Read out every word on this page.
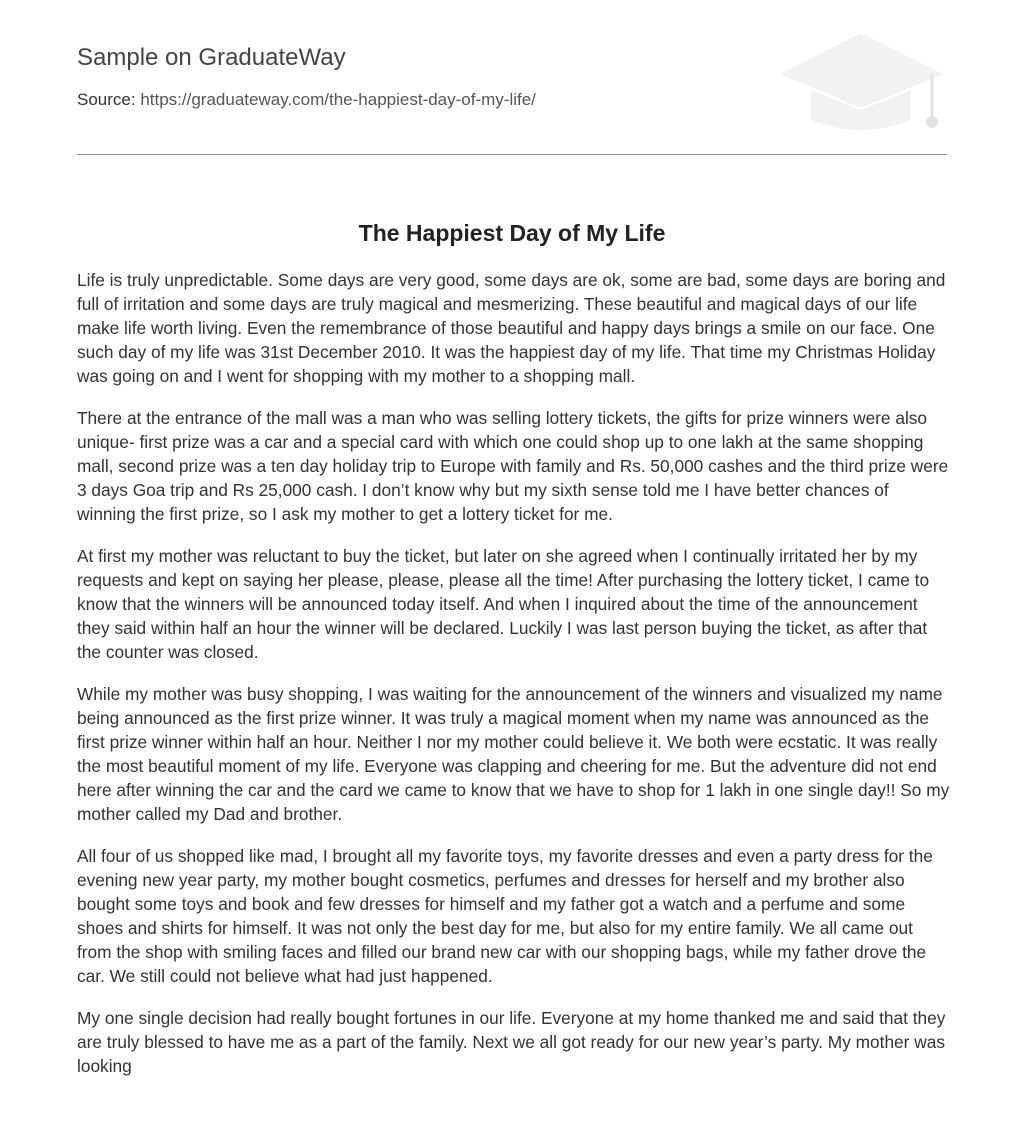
Sample on GraduateWay
Source: https://graduateway.com/the-happiest-day-of-my-life/
The Happiest Day of My Life

Life is truly unpredictable. Some days are very good, some days are ok, some are bad, some days are boring and full of irritation and some days are truly magical and mesmerizing. These beautiful and magical days of our life make life worth living. Even the remembrance of those beautiful and happy days brings a smile on our face. One such day of my life was 31st December 2010. It was the happiest day of my life. That time my Christmas Holiday was going on and I went for shopping with my mother to a shopping mall.

There at the entrance of the mall was a man who was selling lottery tickets, the gifts for prize winners were also unique- first prize was a car and a special card with which one could shop up to one lakh at the same shopping mall, second prize was a ten day holiday trip to Europe with family and Rs. 50,000 cashes and the third prize were 3 days Goa trip and Rs 25,000 cash. I don’t know why but my sixth sense told me I have better chances of winning the first prize, so I ask my mother to get a lottery ticket for me.

At first my mother was reluctant to buy the ticket, but later on she agreed when I continually irritated her by my requests and kept on saying her please, please, please all the time! After purchasing the lottery ticket, I came to know that the winners will be announced today itself. And when I inquired about the time of the announcement they said within half an hour the winner will be declared. Luckily I was last person buying the ticket, as after that the counter was closed.

While my mother was busy shopping, I was waiting for the announcement of the winners and visualized my name being announced as the first prize winner. It was truly a magical moment when my name was announced as the first prize winner within half an hour. Neither I nor my mother could believe it. We both were ecstatic. It was really the most beautiful moment of my life. Everyone was clapping and cheering for me. But the adventure did not end here after winning the car and the card we came to know that we have to shop for 1 lakh in one single day!! So my mother called my Dad and brother.

All four of us shopped like mad, I brought all my favorite toys, my favorite dresses and even a party dress for the evening new year party, my mother bought cosmetics, perfumes and dresses for herself and my brother also bought some toys and book and few dresses for himself and my father got a watch and a perfume and some shoes and shirts for himself. It was not only the best day for me, but also for my entire family. We all came out from the shop with smiling faces and filled our brand new car with our shopping bags, while my father drove the car. We still could not believe what had just happened.

My one single decision had really bought fortunes in our life. Everyone at my home thanked me and said that they are truly blessed to have me as a part of the family. Next we all got ready for our new year’s party. My mother was looking
